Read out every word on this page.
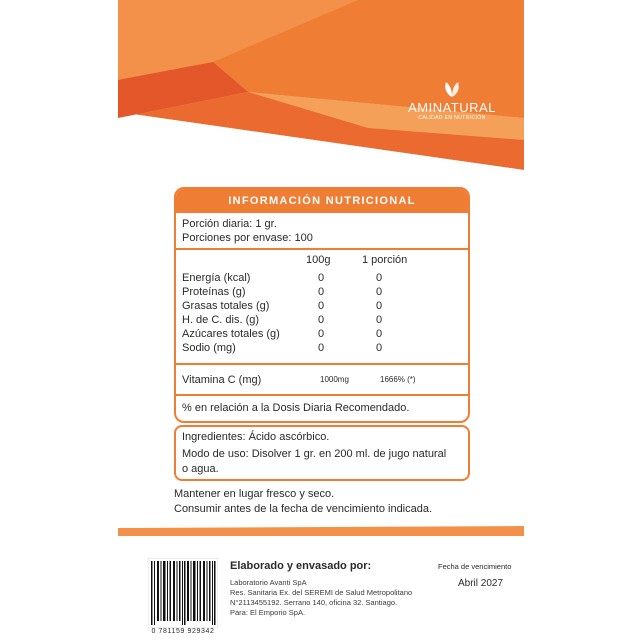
AMINATURAL
CALIDAD EN NUTRICIÓN
INFORMACIÓN NUTRICIONAL
Porción diaria: 1 gr.
Porciones por envase: 100
100g	1 porción
Energía (kcal)	0	0
Proteínas (g)	0	0
Grasas totales (g)	0	0
H. de C. dis. (g)	0	0
Azúcares totales (g)	0	0
Sodio (mg)	0	0
Vitamina C (mg)	1000mg	1666% (*)
% en relación a la Dosis Diaria Recomendado.
Ingredientes: Ácido ascórbico.
Modo de uso: Disolver 1 gr. en 200 ml. de jugo natural
o agua.
Mantener en lugar fresco y seco.
Consumir antes de la fecha de vencimiento indicada.
0 781159 929342
Elaborado y envasado por:
Laboratorio Avanti SpA
Res. Sanitaria Ex. del SEREMI de Salud Metropolitano
N°2113455192. Serrano 140, oficina 32. Santiago.
Para: El Emporio SpA.
Fecha de vencimiento
Abril 2027
